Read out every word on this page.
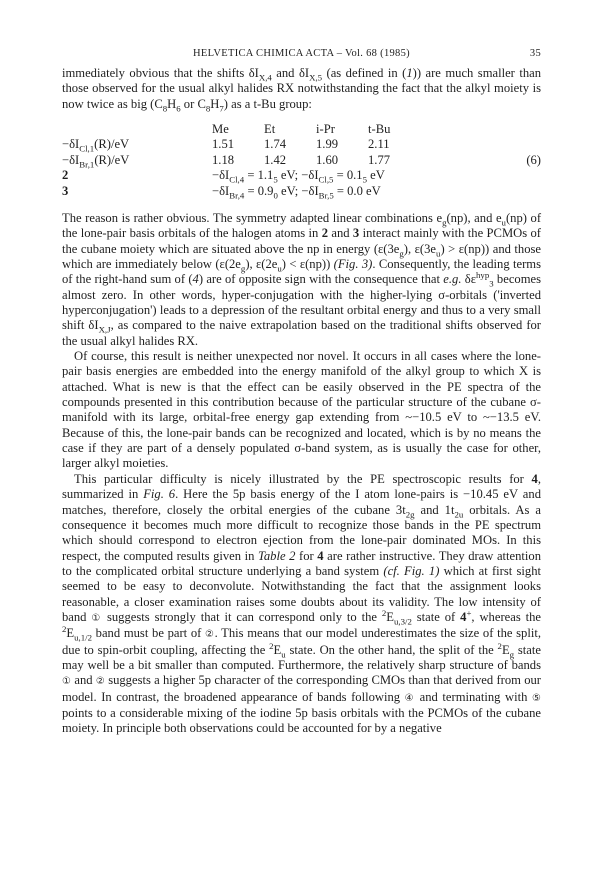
HELVETICA CHIMICA ACTA – Vol. 68 (1985)	35

immediately obvious that the shifts $\delta I_{X,4}$ and $\delta I_{X,5}$ (as defined in (1)) are much smaller than those observed for the usual alkyl halides RX notwithstanding the fact that the alkyl moiety is now twice as big ($C_8H_6$ or $C_8H_7$) as a t-Bu group:

	Me	Et	i-Pr	t-Bu	
$-\delta I_{Cl,1}(R)/eV$	1.51	1.74	1.99	2.11	
$-\delta I_{Br,1}(R)/eV$	1.18	1.42	1.60	1.77	(6)
2	$-\delta I_{Cl,4} = 1.1_5$ eV; $-\delta I_{Cl,5} = 0.1_5$ eV				
3	$-\delta I_{Br,4} = 0.9_0$ eV; $-\delta I_{Br,5} = 0.0$ eV				

The reason is rather obvious. The symmetry adapted linear combinations $e_g(np)$, and $e_u(np)$ of the lone-pair basis orbitals of the halogen atoms in 2 and 3 interact mainly with the PCMOs of the cubane moiety which are situated above the np in energy ($\varepsilon(3e_g)$, $\varepsilon(3e_u) > \varepsilon(np)$) and those which are immediately below ($\varepsilon(2e_g)$, $\varepsilon(2e_u) < \varepsilon(np)$) (Fig. 3). Consequently, the leading terms of the right-hand sum of (4) are of opposite sign with the consequence that e.g. $\delta\varepsilon^{hyp}_3$ becomes almost zero. In other words, hyper-conjugation with the higher-lying σ-orbitals ('inverted hyperconjugation') leads to a depression of the resultant orbital energy and thus to a very small shift $\delta I_{X,J}$, as compared to the naive extrapolation based on the traditional shifts observed for the usual alkyl halides RX.

Of course, this result is neither unexpected nor novel. It occurs in all cases where the lone-pair basis energies are embedded into the energy manifold of the alkyl group to which X is attached. What is new is that the effect can be easily observed in the PE spectra of the compounds presented in this contribution because of the particular structure of the cubane σ-manifold with its large, orbital-free energy gap extending from ~−10.5 eV to ~−13.5 eV. Because of this, the lone-pair bands can be recognized and located, which is by no means the case if they are part of a densely populated σ-band system, as is usually the case for other, larger alkyl moieties.

This particular difficulty is nicely illustrated by the PE spectroscopic results for 4, summarized in Fig. 6. Here the 5p basis energy of the I atom lone-pairs is −10.45 eV and matches, therefore, closely the orbital energies of the cubane $3t_{2g}$ and $1t_{2u}$ orbitals. As a consequence it becomes much more difficult to recognize those bands in the PE spectrum which should correspond to electron ejection from the lone-pair dominated MOs. In this respect, the computed results given in Table 2 for 4 are rather instructive. They draw attention to the complicated orbital structure underlying a band system (cf. Fig. 1) which at first sight seemed to be easy to deconvolute. Notwithstanding the fact that the assignment looks reasonable, a closer examination raises some doubts about its validity. The low intensity of band ① suggests strongly that it can correspond only to the $^2E_{u,3/2}$ state of 4+, whereas the $^2E_{u,1/2}$ band must be part of ②. This means that our model underestimates the size of the split, due to spin-orbit coupling, affecting the $^2E_u$ state. On the other hand, the split of the $^2E_g$ state may well be a bit smaller than computed. Furthermore, the relatively sharp structure of bands ① and ② suggests a higher 5p character of the corresponding CMOs than that derived from our model. In contrast, the broadened appearance of bands following ④ and terminating with ⑤ points to a considerable mixing of the iodine 5p basis orbitals with the PCMOs of the cubane moiety. In principle both observations could be accounted for by a negative
